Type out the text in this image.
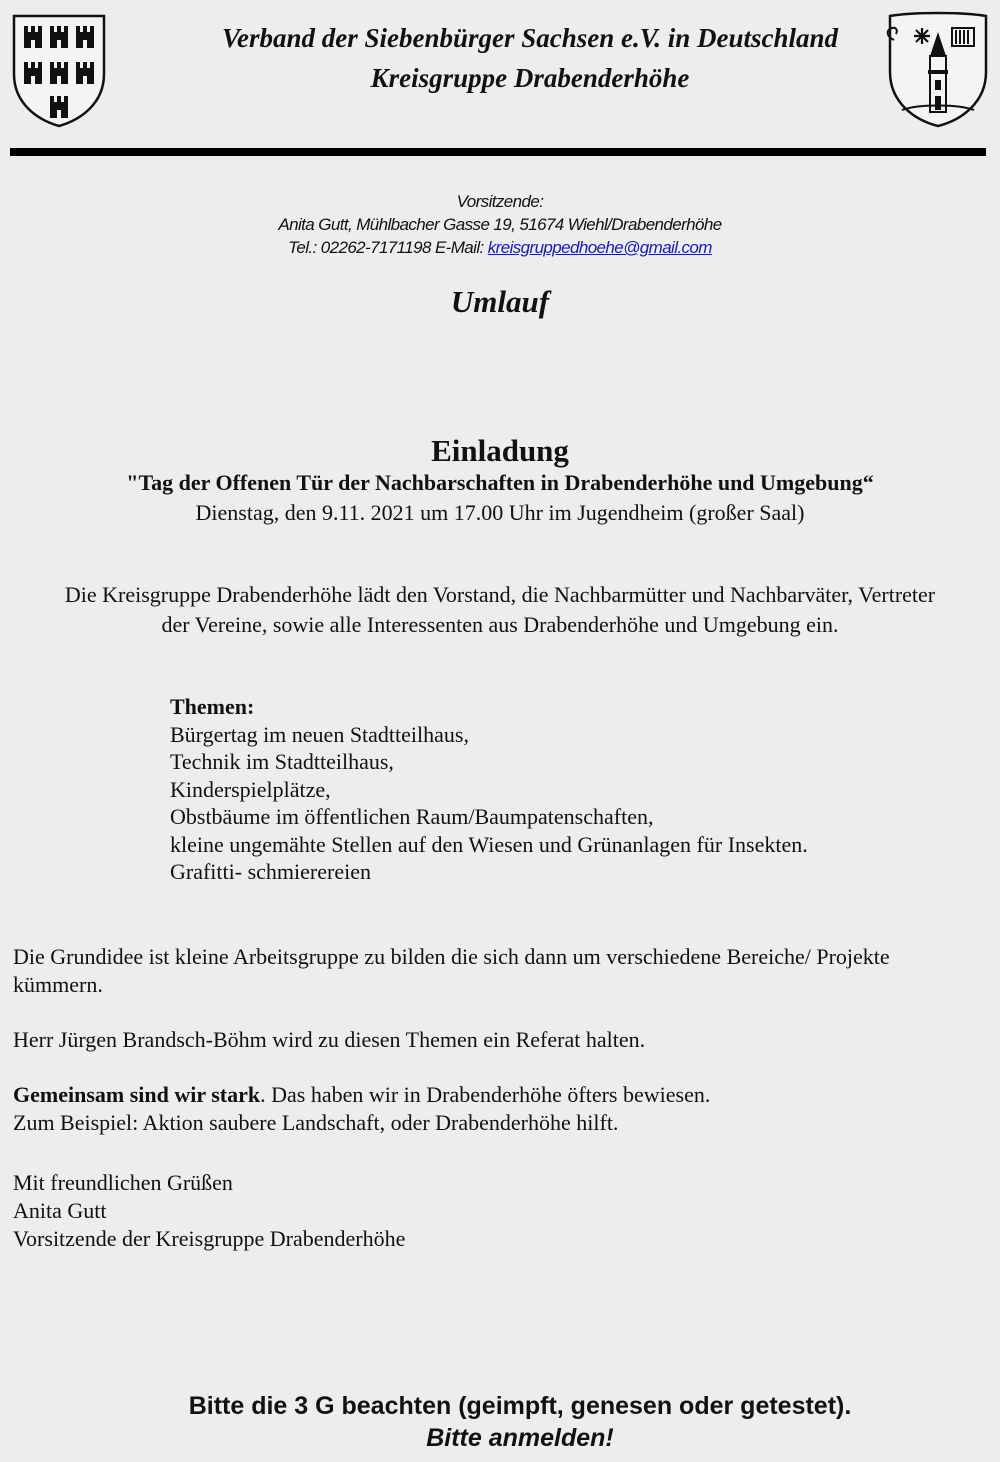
Verband der Siebenbürger Sachsen e.V. in Deutschland
Kreisgruppe Drabenderhöhe
Vorsitzende:
Anita Gutt, Mühlbacher Gasse 19, 51674 Wiehl/Drabenderhöhe
Tel.: 02262-7171198 E-Mail: kreisgruppedhoehe@gmail.com
Umlauf
Einladung
"Tag der Offenen Tür der Nachbarschaften in Drabenderhöhe und Umgebung“
Dienstag, den 9.11. 2021 um 17.00 Uhr im Jugendheim (großer Saal)
Die Kreisgruppe Drabenderhöhe lädt den Vorstand, die Nachbarmütter und Nachbarväter, Vertreter
der Vereine, sowie alle Interessenten aus Drabenderhöhe und Umgebung ein.
Themen:
Bürgertag im neuen Stadtteilhaus,
Technik im Stadtteilhaus,
Kinderspielplätze,
Obstbäume im öffentlichen Raum/Baumpatenschaften,
kleine ungemähte Stellen auf den Wiesen und Grünanlagen für Insekten.
Grafitti- schmierereien
Die Grundidee ist kleine Arbeitsgruppe zu bilden die sich dann um verschiedene Bereiche/ Projekte
kümmern.
Herr Jürgen Brandsch-Böhm wird zu diesen Themen ein Referat halten.
Gemeinsam sind wir stark. Das haben wir in Drabenderhöhe öfters bewiesen.
Zum Beispiel: Aktion saubere Landschaft, oder Drabenderhöhe hilft.
Mit freundlichen Grüßen
Anita Gutt
Vorsitzende der Kreisgruppe Drabenderhöhe
Bitte die 3 G beachten (geimpft, genesen oder getestet).
Bitte anmelden!
